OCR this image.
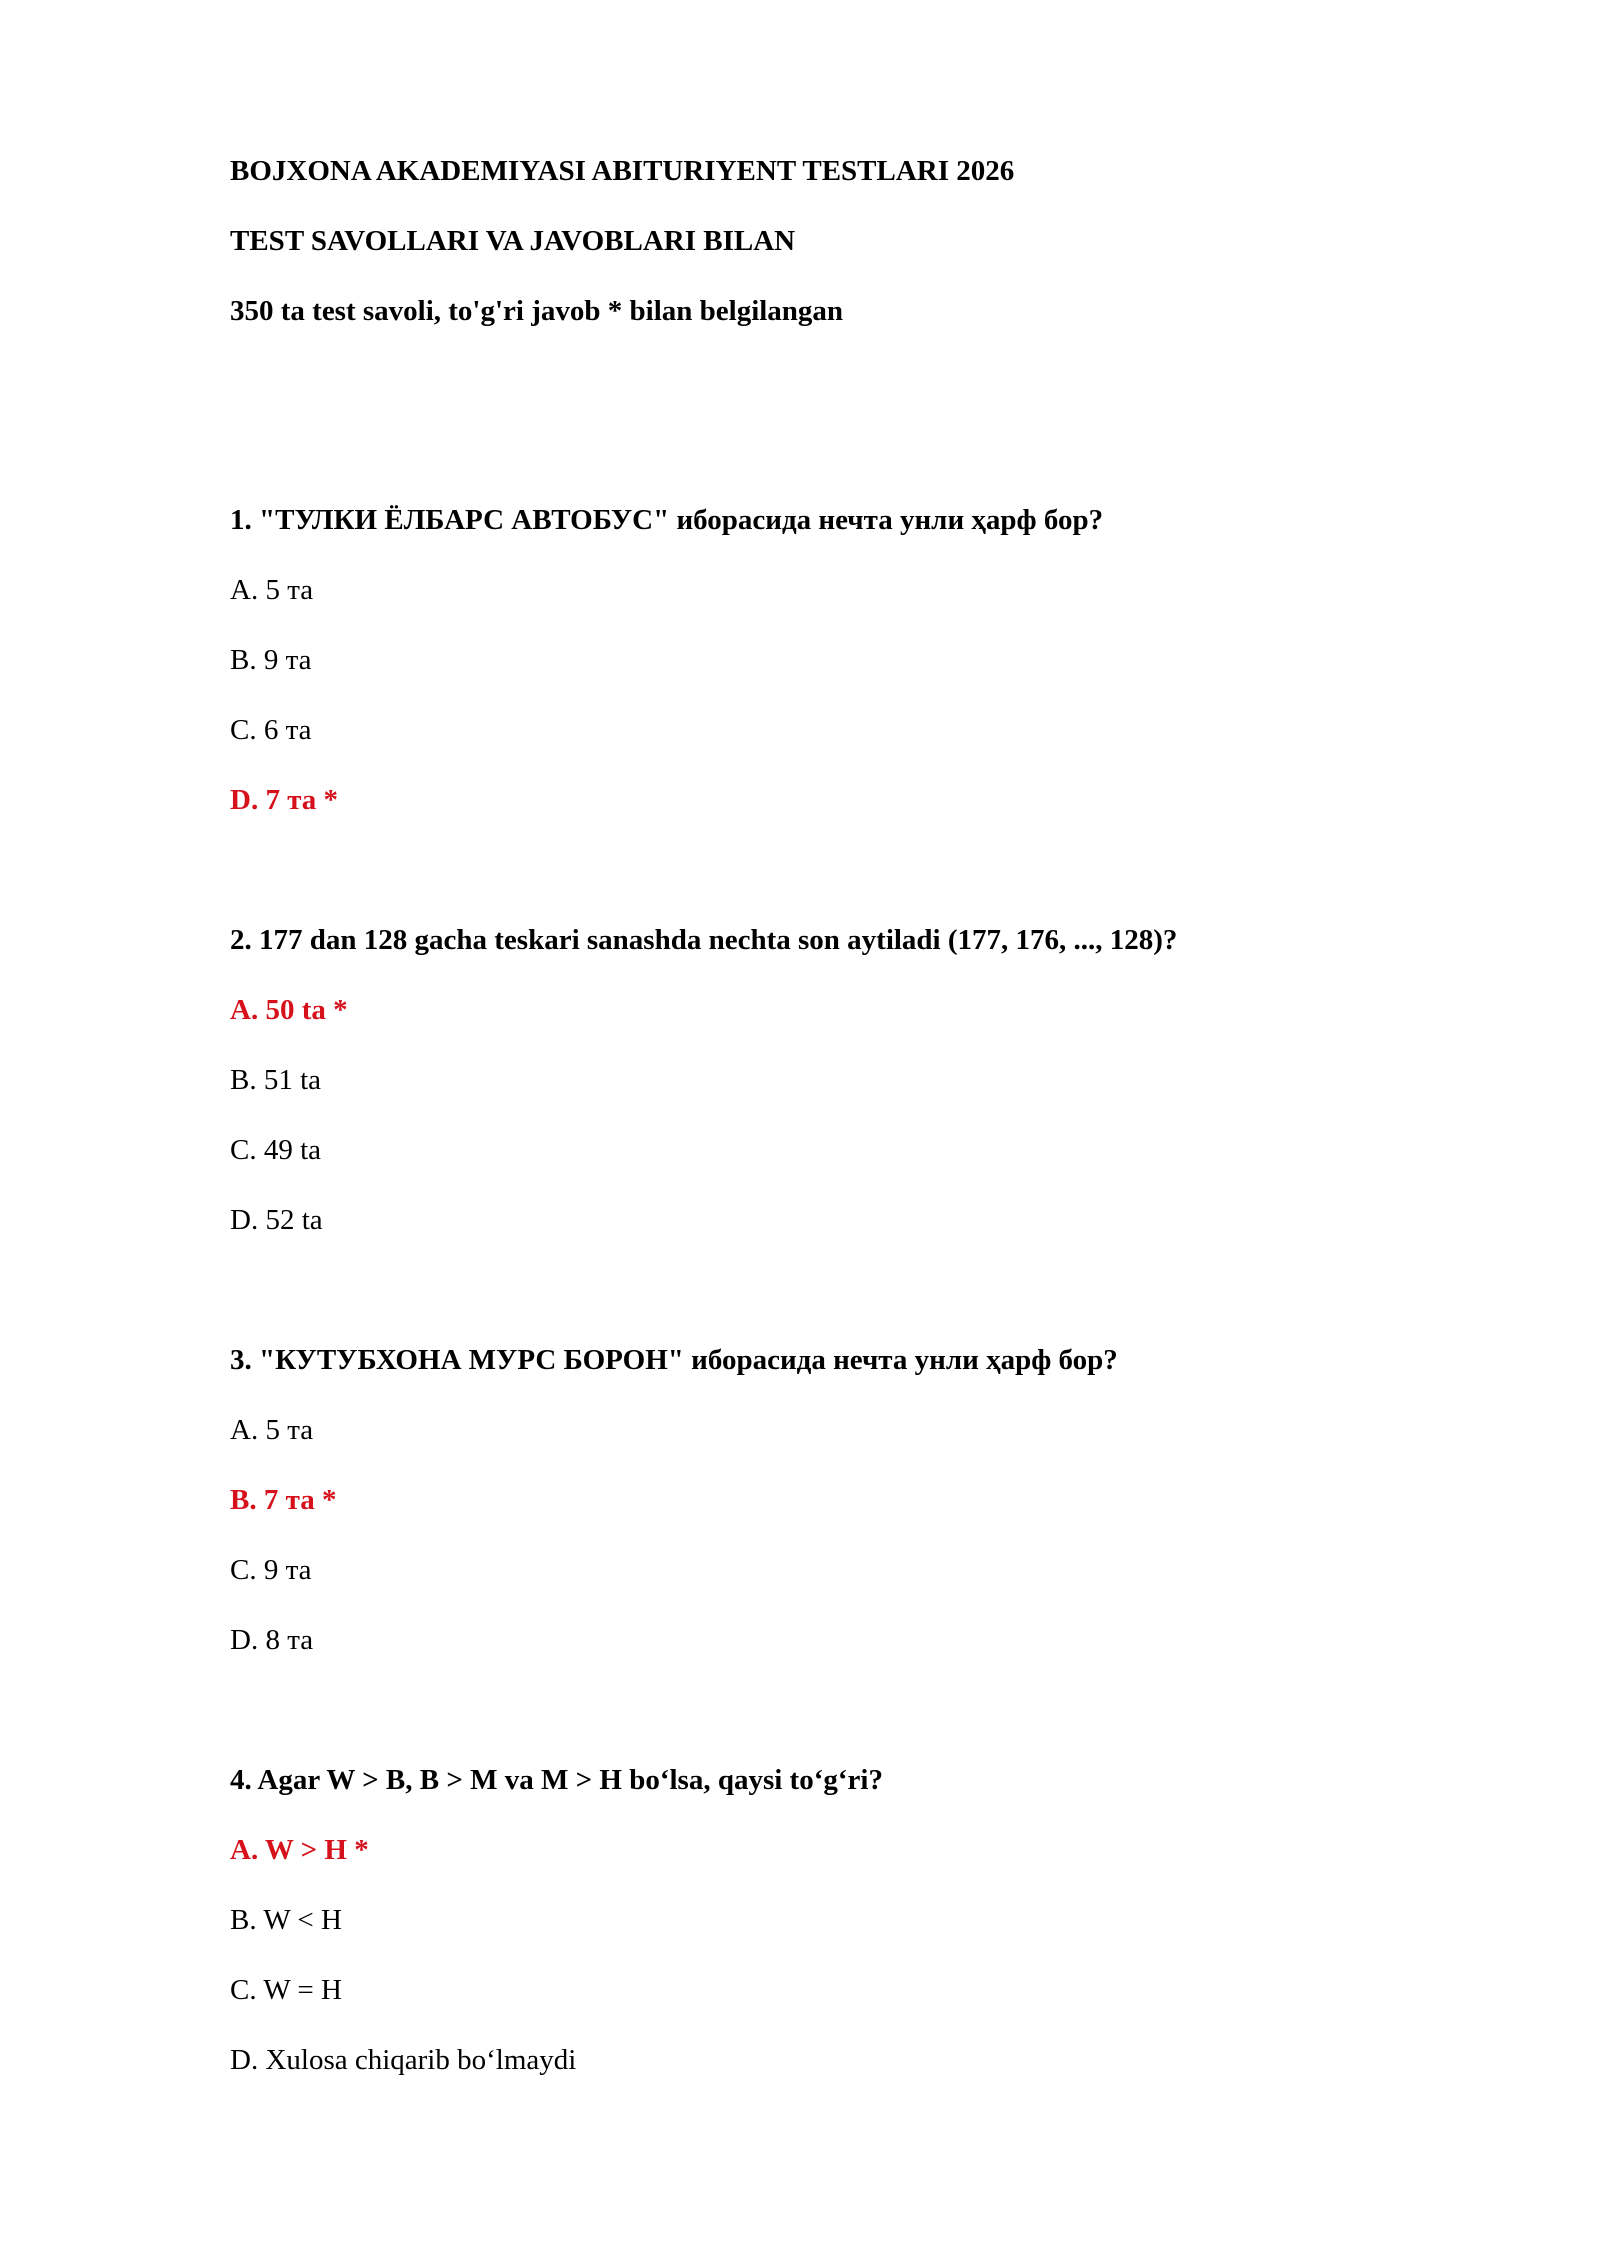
BOJXONA AKADEMIYASI ABITURIYENT TESTLARI 2026
TEST SAVOLLARI VA JAVOBLARI BILAN
350 ta test savoli, to'g'ri javob * bilan belgilangan
1. "ТУЛКИ ЁЛБАРС АВТОБУС" иборасида нечта унли ҳарф бор?
A. 5 та
B. 9 та
C. 6 та
D. 7 та *
2. 177 dan 128 gacha teskari sanashda nechta son aytiladi (177, 176, ..., 128)?
A. 50 ta *
B. 51 ta
C. 49 ta
D. 52 ta
3. "КУТУБХОНА МУРС БОРОН" иборасида нечта унли ҳарф бор?
A. 5 та
B. 7 та *
C. 9 та
D. 8 та
4. Agar W > B, B > M va M > H bo‘lsa, qaysi to‘g‘ri?
A. W > H *
B. W < H
C. W = H
D. Xulosa chiqarib bo‘lmaydi
